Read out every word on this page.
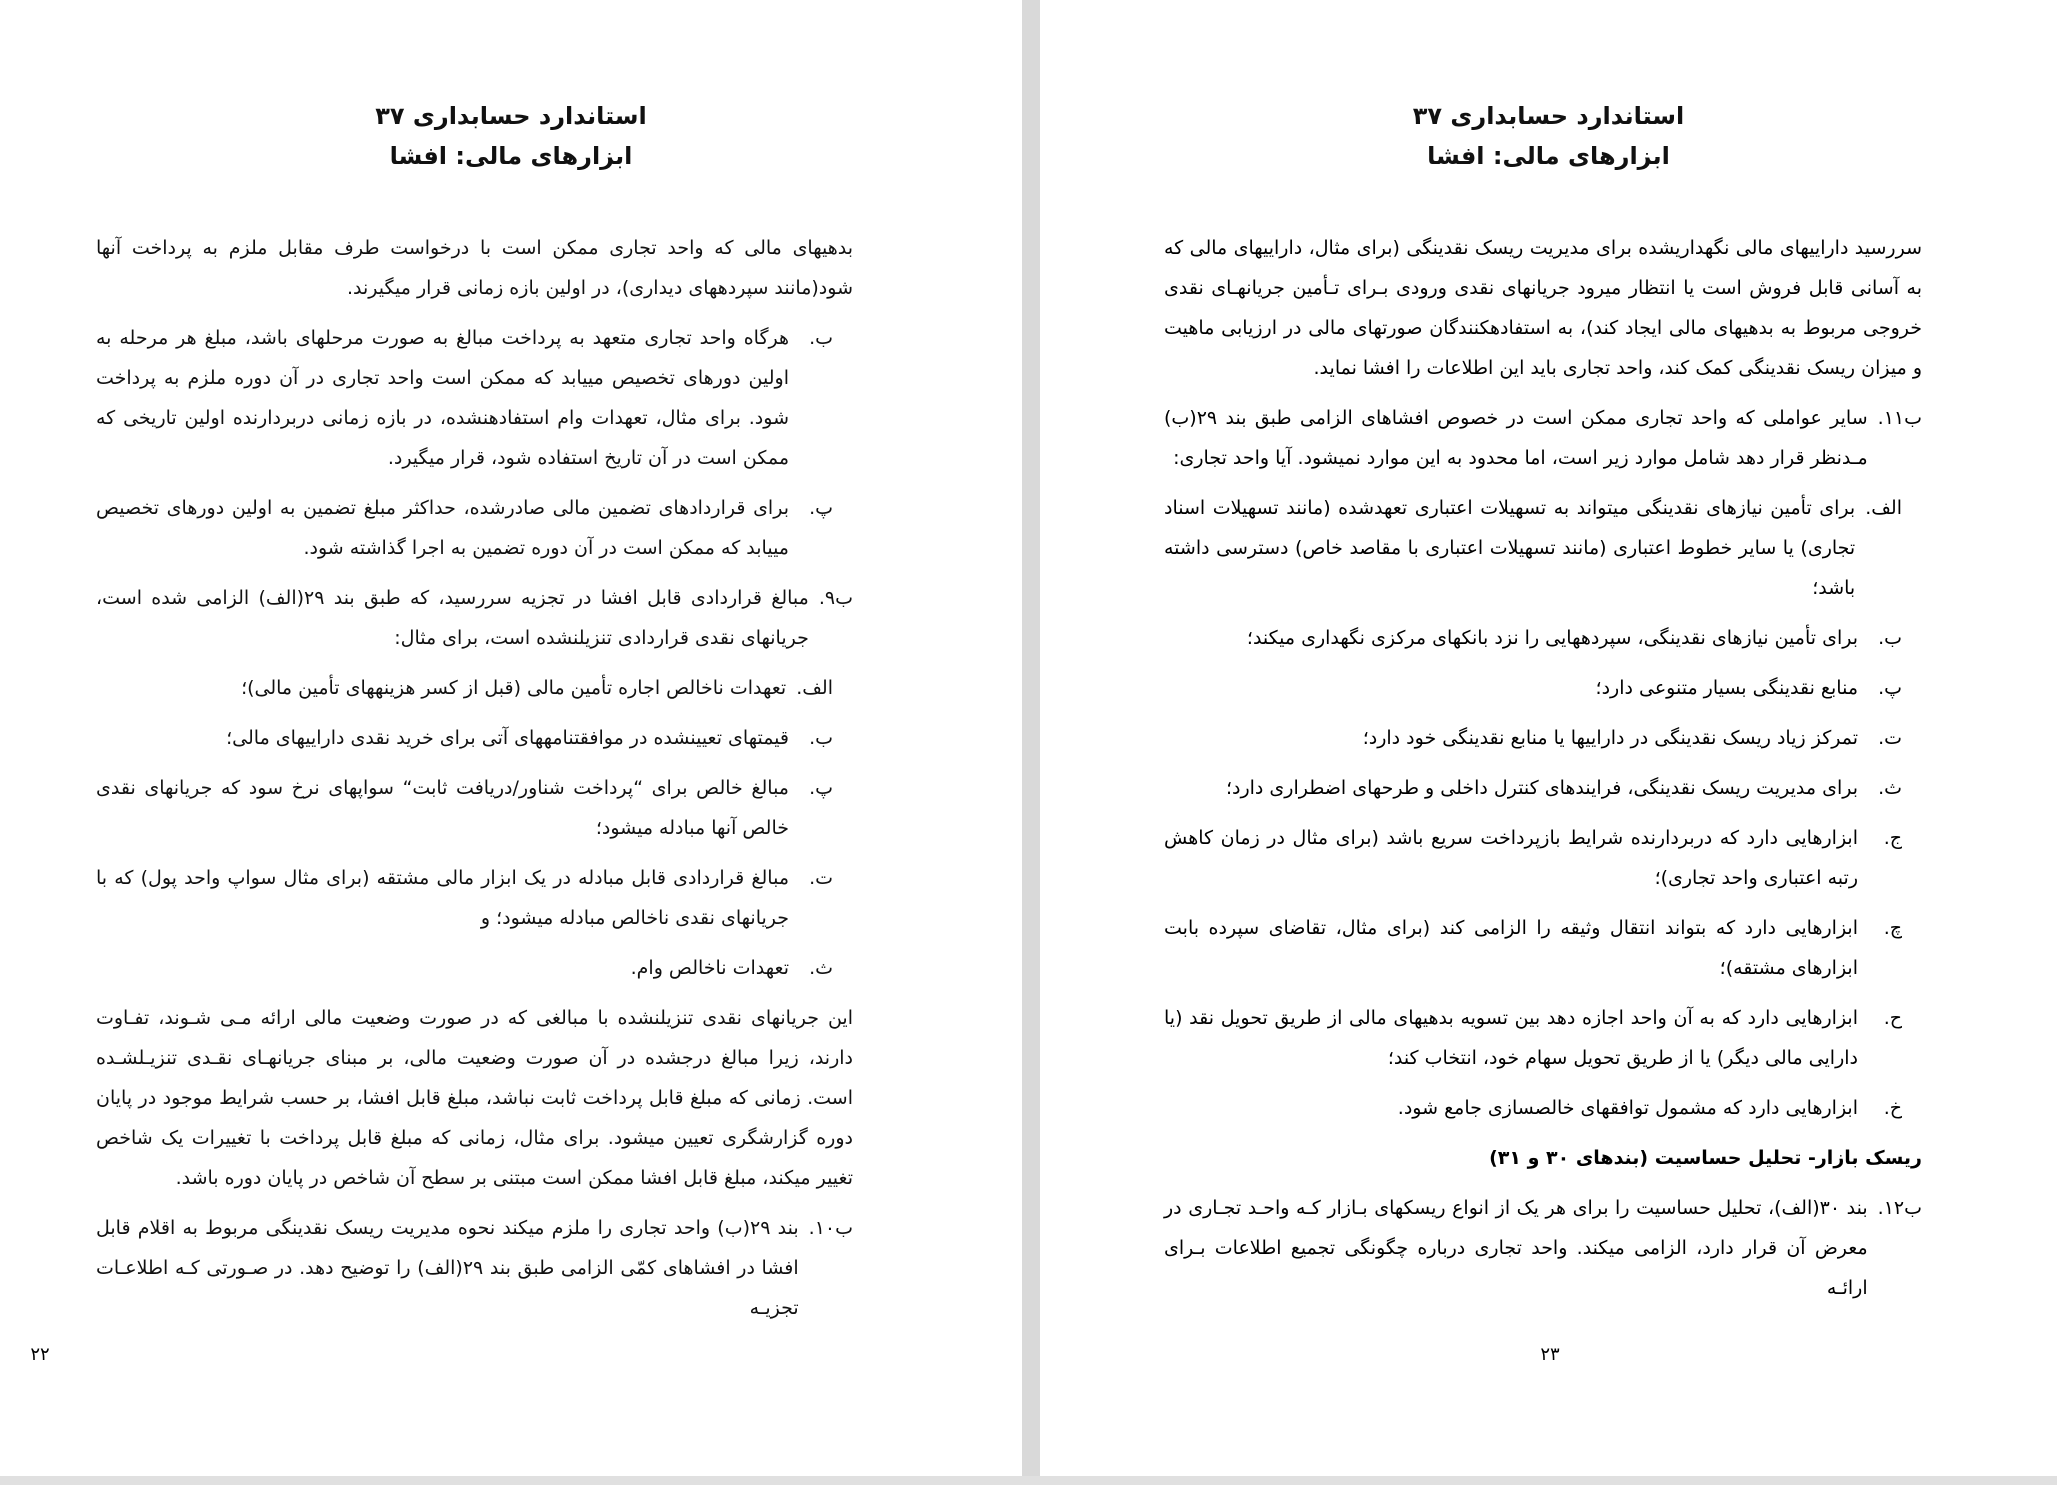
استاندارد حسابداری ۳۷
ابزارهای مالی: افشا
بدهیهای مالی که واحد تجاری ممکن است با درخواست طرف مقابل ملزم به پرداخت آنها شود(مانند سپردههای دیداری)، در اولین بازه زمانی قرار میگیرند.
ب.
هرگاه واحد تجاری متعهد به پرداخت مبالغ به صورت مرحلهای باشد، مبلغ هر مرحله به اولین دورهای تخصیص مییابد که ممکن است واحد تجاری در آن دوره ملزم به پرداخت شود. برای مثال، تعهدات وام استفادهنشده، در بازه زمانی دربردارنده اولین تاریخی که ممکن است در آن تاریخ استفاده شود، قرار میگیرد.
پ.
برای قراردادهای تضمین مالی صادرشده، حداکثر مبلغ تضمین به اولین دورهای تخصیص مییابد که ممکن است در آن دوره تضمین به اجرا گذاشته شود.
ب۹.
مبالغ قراردادی قابل افشا در تجزیه سررسید، که طبق بند ۲۹(الف) الزامی شده است، جریانهای نقدی قراردادی تنزیلنشده است، برای مثال:
الف.
تعهدات ناخالص اجاره تأمین مالی (قبل از کسر هزینههای تأمین مالی)؛
ب.
قیمتهای تعیینشده در موافقتنامههای آتی برای خرید نقدی داراییهای مالی؛
پ.
مبالغ خالص برای “پرداخت شناور/دریافت ثابت“ سواپهای نرخ سود که جریانهای نقدی خالص آنها مبادله میشود؛
ت.
مبالغ قراردادی قابل مبادله در یک ابزار مالی مشتقه (برای مثال سواپ واحد پول) که با جریانهای نقدی ناخالص مبادله میشود؛ و
ث.
تعهدات ناخالص وام.
این جریانهای نقدی تنزیلنشده با مبالغی که در صورت وضعیت مالی ارائه مـی شـوند، تفـاوت دارند، زیرا مبالغ درجشده در آن صورت وضعیت مالی، بر مبنای جریانهـای نقـدی تنزیـلشـده است. زمانی که مبلغ قابل پرداخت ثابت نباشد، مبلغ قابل افشا، بر حسب شرایط موجود در پایان دوره گزارشگری تعیین میشود. برای مثال، زمانی که مبلغ قابل پرداخت با تغییرات یک شاخص تغییر میکند، مبلغ قابل افشا ممکن است مبتنی بر سطح آن شاخص در پایان دوره باشد.
ب۱۰.
بند ۲۹(ب) واحد تجاری را ملزم میکند نحوه مدیریت ریسک نقدینگی مربوط به اقلام قابل افشا در افشاهای کمّی الزامی طبق بند ۲۹(الف) را توضیح دهد. در صـورتی کـه اطلاعـات تجزیـه
۲۲
استاندارد حسابداری ۳۷
ابزارهای مالی: افشا
سررسید داراییهای مالی نگهداریشده برای مدیریت ریسک نقدینگی (برای مثال، داراییهای مالی که به آسانی قابل فروش است یا انتظار میرود جریانهای نقدی ورودی بـرای تـأمین جریانهـای نقدی خروجی مربوط به بدهیهای مالی ایجاد کند)، به استفادهکنندگان صورتهای مالی در ارزیابی ماهیت و میزان ریسک نقدینگی کمک کند، واحد تجاری باید این اطلاعات را افشا نماید.
ب۱۱.
سایر عواملی که واحد تجاری ممکن است در خصوص افشاهای الزامی طبق بند ۲۹(ب) مـدنظر قرار دهد شامل موارد زیر است، اما محدود به این موارد نمیشود. آیا واحد تجاری:
الف.
برای تأمین نیازهای نقدینگی میتواند به تسهیلات اعتباری تعهدشده (مانند تسهیلات اسناد تجاری) یا سایر خطوط اعتباری (مانند تسهیلات اعتباری با مقاصد خاص) دسترسی داشته باشد؛
ب.
برای تأمین نیازهای نقدینگی، سپردههایی را نزد بانکهای مرکزی نگهداری میکند؛
پ.
منابع نقدینگی بسیار متنوعی دارد؛
ت.
تمرکز زیاد ریسک نقدینگی در داراییها یا منابع نقدینگی خود دارد؛
ث.
برای مدیریت ریسک نقدینگی، فرایندهای کنترل داخلی و طرحهای اضطراری دارد؛
ج.
ابزارهایی دارد که دربردارنده شرایط بازپرداخت سریع باشد (برای مثال در زمان کاهش رتبه اعتباری واحد تجاری)؛
چ.
ابزارهایی دارد که بتواند انتقال وثیقه را الزامی کند (برای مثال، تقاضای سپرده بابت ابزارهای مشتقه)؛
ح.
ابزارهایی دارد که به آن واحد اجازه دهد بین تسویه بدهیهای مالی از طریق تحویل نقد (یا دارایی مالی دیگر) یا از طریق تحویل سهام خود، انتخاب کند؛
خ.
ابزارهایی دارد که مشمول توافقهای خالصسازی جامع شود.
ریسک بازار- تحلیل حساسیت (بندهای ۳۰ و ۳۱)
ب۱۲.
بند ۳۰(الف)، تحلیل حساسیت را برای هر یک از انواع ریسکهای بـازار کـه واحـد تجـاری در معرض آن قرار دارد، الزامی میکند. واحد تجاری درباره چگونگی تجمیع اطلاعات بـرای ارائـه
۲۳
